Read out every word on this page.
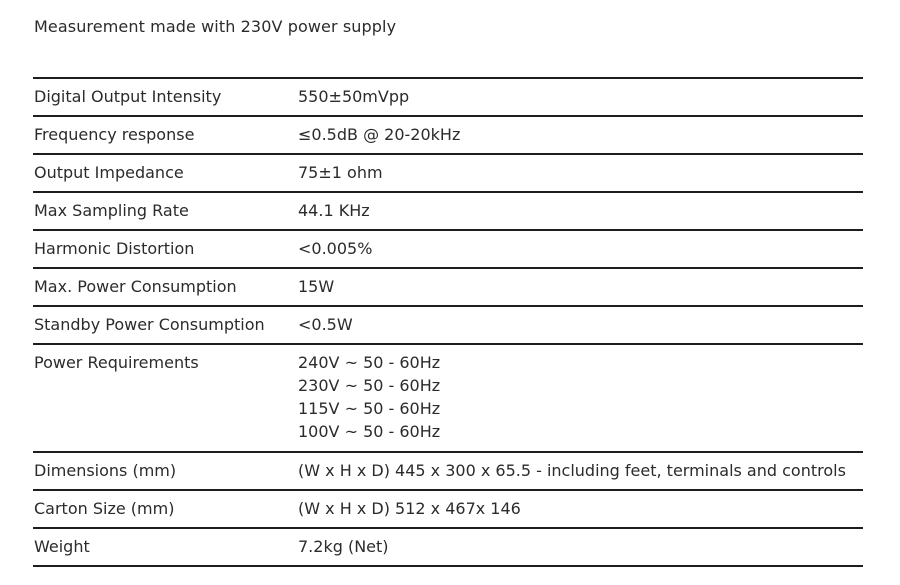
Measurement made with 230V power supply
Digital Output Intensity	550±50mVpp

Frequency response	≤0.5dB @ 20-20kHz

Output Impedance	75±1 ohm

Max Sampling Rate	44.1 KHz

Harmonic Distortion	<0.005%

Max. Power Consumption	15W

Standby Power Consumption	<0.5W

Power Requirements	240V ~ 50 - 60Hz
230V ~ 50 - 60Hz
115V ~ 50 - 60Hz
100V ~ 50 - 60Hz

Dimensions (mm)	(W x H x D) 445 x 300 x 65.5 - including feet, terminals and controls

Carton Size (mm)	(W x H x D) 512 x 467x 146

Weight	7.2kg (Net)
